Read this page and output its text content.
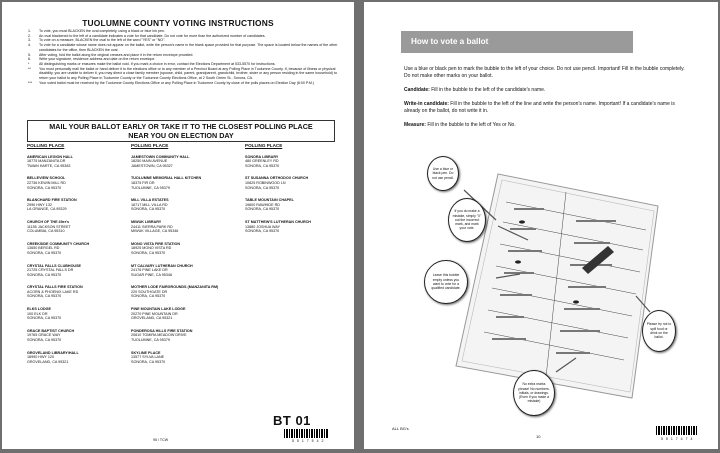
TUOLUMNE COUNTY VOTING INSTRUCTIONS
1.	To vote, you must BLACKEN the oval completely, using a black or blue ink pen.
2.	An oval blackened to the left of a candidate indicates a vote for that candidate. Do not vote for more than the authorized number of candidates.
3.	To vote on a measure, BLACKEN the oval to the left of the word "YES" or "NO".
4.	To vote for a candidate whose name does not appear on the ballot, write the person's name in the blank space provided for that purpose. The space is located below the names of the other candidates for the office, then BLACKEN the oval.
5.	After voting, fold the ballot along the original creases and place it in the return envelope provided.
6.	Write your signature, residence address and date on the return envelope.
*	All distinguishing marks or erasures make the ballot void. If you mark a choice in error, contact the Elections Department at 533-5570 for instructions.
**	You must personally mail the ballot or hand deliver it to the elections office or to any member of a Precinct Board at any Polling Place in Tuolumne County. If, because of illness or physical disability, you are unable to deliver it, you may direct a close family member (spouse, child, parent, grandparent, grandchild, brother, sister or any person residing in the same household) to return your ballot to any Polling Place in Tuolumne County or the Tuolumne County Elections Office, at 2 South Green St., Sonora, CA.
***	Your voted ballot must be received by the Tuolumne County Elections Office or any Polling Place in Tuolumne County by close of the polls places on Election Day (8:00 P.M.)
MAIL YOUR BALLOT EARLY OR TAKE IT TO THE CLOSEST POLLING PLACE
NEAR YOU ON ELECTION DAY
POLLING PLACE
AMERICAN LEGION HALL
18775 MANZANITA DR
TWAIN HARTE, CA 95383
BELLEVIEW SCHOOL
22736 KEWIN MILL RD
SONORA, CA 95370
BLANCHARD FIRE STATION
2990 HWY 132
LA GRANGE, CA 95329
CHURCH OF THE 49er's
11155 JACKSON STREET
COLUMBIA, CA 95310
CREEKSIDE COMMUNITY CHURCH
13650 BERGEL RD
SONORA, CA 95370
CRYSTAL FALLS CLUBHOUSE
21725 CRYSTAL FALLS DR
SONORA, CA 95370
CRYSTAL FALLS FIRE STATION
ACORN & PHOENIX LAKE RD
SONORA, CA 95370
ELKS LODGE
100 ELK DR
SONORA, CA 95370
GRACE BAPTIST CHURCH
19765 GRACE WAY
SONORA, CA 95370
GROVELAND LIBRARY/HALL
18990 HWY 120
GROVELAND, CA 95321
POLLING PLACE
JAMESTOWN COMMUNITY HALL
18250 MAIN AVENUE
JAMESTOWN, CA 95327
TUOLUMNE MEMORIAL HALL KITCHEN
18375 FIR DR
TUOLUMNE, CA 95379
MILL VILLA ESTATES
18717 MILL VILLA RD
SONORA, CA 95370
MIWUK LIBRARY
24411 SIERRA PARK RD
MIWUK VILLAGE, CA 95346
MONO VISTA FIRE STATION
18925 MONO VISTA RD
SONORA, CA 95370
MT CALVARY LUTHERAN CHURCH
24176 PINE LAKE DR
SUGAR PINE, CA 95346
MOTHER LODE FAIRGROUNDS (MANZANITA RM)
220 SOUTHGATE DR
SONORA, CA 95370
PINE MOUNTAIN LAKE LODGE
20270 PINE MOUNTAIN DR
GROVELAND, CA 95321
PONDEROSA HILLS FIRE STATION
20810 TOMIRA MEADOW DRIVE
TUOLUMNE, CA 95379
SKYLINE PLACE
13577 SYLVA LANE
SONORA, CA 95370
POLLING PLACE
SONORA LIBRARY
480 GREENLEY RD
SONORA, CA 95370
ST SUSANNA ORTHODOX CHURCH
10825 ROBINWOOD LN
SONORA, CA 95370
TABLE MOUNTAIN CHAPEL
19600 RAWHIDE RD
SONORA, CA 95370
ST MATTHEW'S LUTHERAN CHURCH
13880 JOSHUA WAY
SONORA, CA 95370
95 / TCW
BT 01
5 5 1 7 5 4 2
How to vote a ballot

Use a blue or black pen to mark the bubble to the left of your choice. Do not use pencil. Important! Fill in the bubble completely. Do not make other marks on your ballot.

Candidate: Fill in the bubble to the left of the candidate's name.

Write-in candidate: Fill in the bubble to the left of the line and write the person's name. Important! If a candidate's name is already on the ballot, do not write it in.

Measure: Fill in the bubble to the left of Yes or No.

Use a blue or black pen. Do not use pencil.
If you do make a mistake, simply "X" out the incorrect mark, and mark your vote.
Leave this bubble empty unless you want to vote for a qualified candidate.
No extra marks please! No numbers, initials, or drawings. (Even if you make a mistake)
Please try not to spill food or drink on the ballot.
ALL BG's
10	5 5 1 7 4 7 4
